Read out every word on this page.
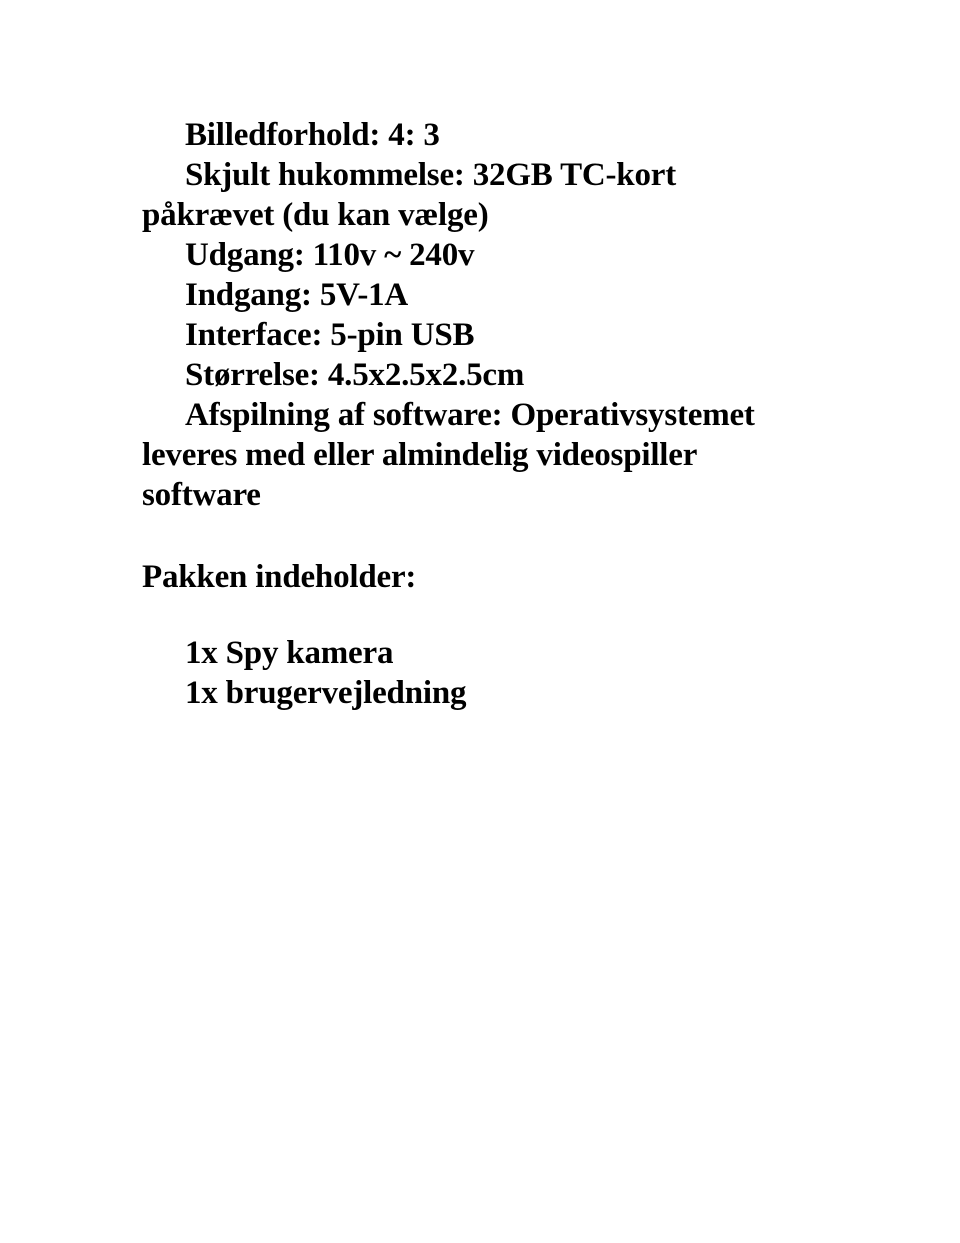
Billedforhold: 4: 3

Skjult hukommelse: 32GB TC-kort påkrævet (du kan vælge)

Udgang: 110v ~ 240v

Indgang: 5V-1A

Interface: 5-pin USB

Størrelse: 4.5x2.5x2.5cm

Afspilning af software: Operativsystemet leveres med eller almindelig videospiller software

Pakken indeholder:

1x Spy kamera

1x brugervejledning
